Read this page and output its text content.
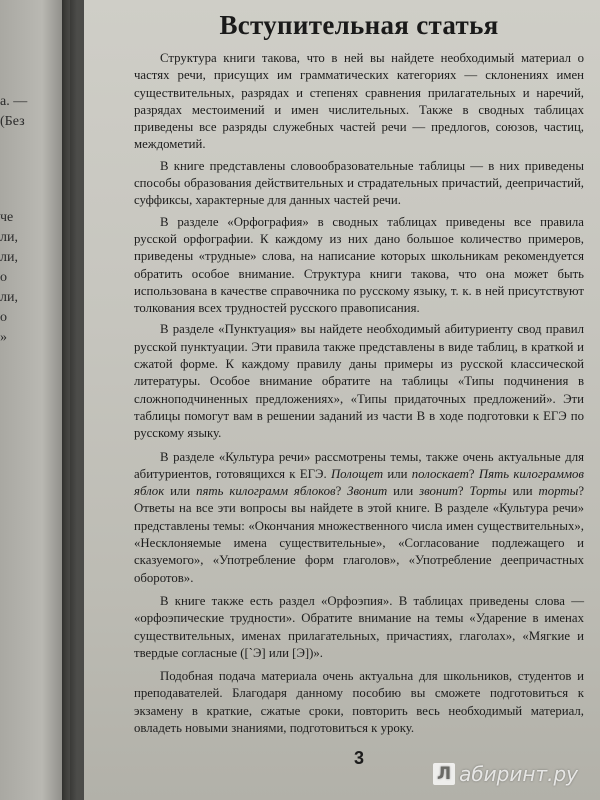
а. —
(Без
че
ли,
ли,
о
ли,
о
»
Вступительная статья

Структура книги такова, что в ней вы найдете необходимый материал о частях речи, присущих им грамматических категориях — склонениях имен существительных, разрядах и степенях сравнения прилагательных и наречий, разрядах местоимений и имен числительных. Также в сводных таблицах приведены все разряды служебных частей речи — предлогов, союзов, частиц, междометий.

В книге представлены словообразовательные таблицы — в них приведены способы образования действительных и страдательных причастий, деепричастий, суффиксы, характерные для данных частей речи.

В разделе «Орфография» в сводных таблицах приведены все правила русской орфографии. К каждому из них дано большое количество примеров, приведены «трудные» слова, на написание которых школьникам рекомендуется обратить особое внимание. Структура книги такова, что она может быть использована в качестве справочника по русскому языку, т. к. в ней присутствуют толкования всех трудностей русского правописания.

В разделе «Пунктуация» вы найдете необходимый абитуриенту свод правил русской пунктуации. Эти правила также представлены в виде таблиц, в краткой и сжатой форме. К каждому правилу даны примеры из русской классической литературы. Особое внимание обратите на таблицы «Типы подчинения в сложноподчиненных предложениях», «Типы придаточных предложений». Эти таблицы помогут вам в решении заданий из части В в ходе подготовки к ЕГЭ по русскому языку.

В разделе «Культура речи» рассмотрены темы, также очень актуальные для абитуриентов, готовящихся к ЕГЭ. Полощет или полоскает? Пять килограммов яблок или пять килограмм яблоков? Звонит или звонит? Торты или торты? Ответы на все эти вопросы вы найдете в этой книге. В разделе «Культура речи» представлены темы: «Окончания множественного числа имен существительных», «Несклоняемые имена существительные», «Согласование подлежащего и сказуемого», «Употребление форм глаголов», «Употребление деепричастных оборотов».

В книге также есть раздел «Орфоэпия». В таблицах приведены слова — «орфоэпические трудности». Обратите внимание на темы «Ударение в именах существительных, именах прилагательных, причастиях, глаголах», «Мягкие и твердые согласные ([`Э] или [Э])».

Подобная подача материала очень актуальна для школьников, студентов и преподавателей. Благодаря данному пособию вы сможете подготовиться к экзамену в краткие, сжатые сроки, повторить весь необходимый материал, овладеть новыми знаниями, подготовиться к уроку.

3
Л абиринт.ру
